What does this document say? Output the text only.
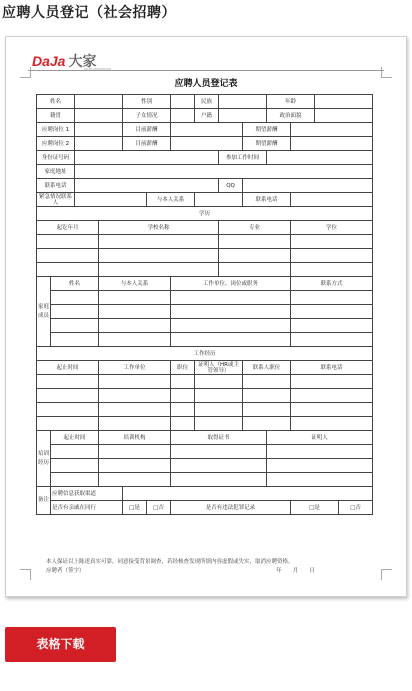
应聘人员登记（社会招聘）
DaJa 大家
DAJIA INSURANCE
应聘人员登记表
姓名				性别			民族			年龄			
籍贯				子女情况			户籍			政治面貌			
应聘岗位 1				目前薪酬					期望薪酬				
应聘岗位 2				目前薪酬					期望薪酬				
身份证号码								参加工作时间					
家庭地址													
联系电话								QQ					
紧急情况联系人					与本人关系				联系电话				
学历													
起讫年月			学校名称					专业			学位		

家庭成员	姓名		与本人关系			工作单位、岗位或职务					联系方式		

工作经历													
起止时间			工作单位			职位	证明人（HR或主管领导）		联系人职位		联系电话		

培训经历	起止时间		培训机构			取得证书				证明人			

备注	应聘信息获取渠道												
	是否有亲戚在同行			□是	□否	是否有违法犯罪记录					□是		□否
本人保证以上陈述真实可靠，同意接受背景调查，若经核查发现所填内容虚假或失实，取消应聘资格。
应聘者（签字）	年　　月　　日
表格下载
